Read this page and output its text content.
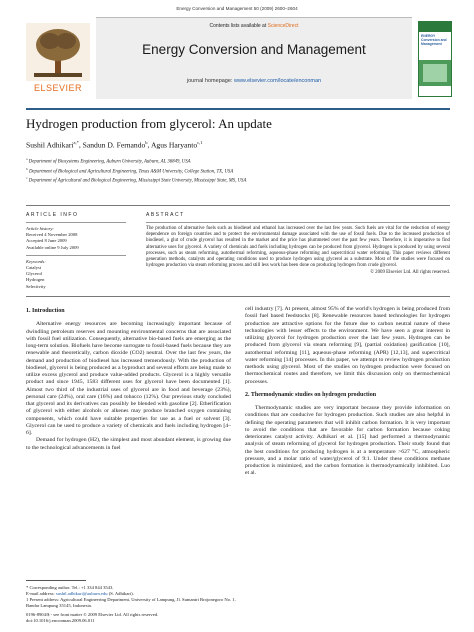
Energy Conversion and Management 50 (2009) 2600–2604
ELSEVIER
Contents lists available at ScienceDirect
Energy Conversion and Management
journal homepage: www.elsevier.com/locate/enconman
ENERGY Conversion and Management
Hydrogen production from glycerol: An update
Sushil Adhikari$^{a,*}$, Sandun D. Fernando$^b$, Agus Haryanto$^{c,1}$
$^a$ Department of Biosystems Engineering, Auburn University, Auburn, AL 36849, USA
$^b$ Department of Biological and Agricultural Engineering, Texas A&M University, College Station, TX, USA
$^c$ Department of Agricultural and Biological Engineering, Mississippi State University, Mississippi State, MS, USA
ARTICLE INFO
Article history:
Received 4 November 2008
Accepted 8 June 2009
Available online 9 July 2009
Keywords:
Catalyst
Glycerol
Hydrogen
Selectivity
ABSTRACT
The production of alternative fuels such as biodiesel and ethanol has increased over the last few years. Such fuels are vital for the reduction of energy dependence on foreign countries and to protect the environmental damage associated with the use of fossil fuels. Due to the increased production of biodiesel, a glut of crude glycerol has resulted in the market and the price has plummeted over the past few years. Therefore, it is imperative to find alternative uses for glycerol. A variety of chemicals and fuels including hydrogen can be produced from glycerol. Hydrogen is produced by using several processes, such as steam reforming, autothermal reforming, aqueous-phase reforming and supercritical water reforming. This paper reviews different generation methods, catalysts and operating conditions used to produce hydrogen using glycerol as a substrate. Most of the studies were focused on hydrogen production via steam reforming process and still less work has been done on producing hydrogen from crude glycerol.
© 2009 Elsevier Ltd. All rights reserved.
1. Introduction

Alternative energy resources are becoming increasingly important because of dwindling petroleum reserves and mounting environmental concerns that are associated with fossil fuel utilization. Consequently, alternative bio-based fuels are emerging as the long-term solution. Biofuels have become surrogate to fossil-based fuels because they are renewable and theoretically, carbon dioxide (CO2) neutral. Over the last few years, the demand and production of biodiesel has increased tremendously. With the production of biodiesel, glycerol is being produced as a byproduct and several efforts are being made to utilize excess glycerol and produce value-added products. Glycerol is a highly versatile product and since 1945, 1583 different uses for glycerol have been documented [1]. Almost two third of the industrial uses of glycerol are in food and beverage (23%), personal care (24%), oral care (16%) and tobacco (12%). Our previous study concluded that glycerol and its derivatives can possibly be blended with gasoline [2]. Etherification of glycerol with either alcohols or alkenes may produce branched oxygen containing components, which could have suitable properties for use as a fuel or solvent [3]. Glycerol can be used to produce a variety of chemicals and fuels including hydrogen [4–6].

Demand for hydrogen (H2), the simplest and most abundant element, is growing due to the technological advancements in fuel

cell industry [7]. At present, almost 95% of the world's hydrogen is being produced from fossil fuel based feedstocks [8]. Renewable resources based technologies for hydrogen production are attractive options for the future due to carbon neutral nature of these technologies with lesser effects to the environment. We have seen a great interest in utilizing glycerol for hydrogen production over the last few years. Hydrogen can be produced from glycerol via steam reforming [9], (partial oxidation) gasification [10], autothermal reforming [11], aqueous-phase reforming (APR) [12,13], and supercritical water reforming [14] processes. In this paper, we attempt to review hydrogen production methods using glycerol. Most of the studies on hydrogen production were focused on thermochemical routes and therefore, we limit this discussion only on thermochemical processes.

2. Thermodynamic studies on hydrogen production

Thermodynamic studies are very important because they provide information on conditions that are conducive for hydrogen production. Such studies are also helpful in defining the operating parameters that will inhibit carbon formation. It is very important to avoid the conditions that are favorable for carbon formation because coking deteriorates catalyst activity. Adhikari et al. [15] had performed a thermodynamic analysis of steam reforming of glycerol for hydrogen production. Their study found that the best conditions for producing hydrogen is at a temperature >627 °C, atmospheric pressure, and a molar ratio of water/glycerol of 9:1. Under these conditions methane production is minimized, and the carbon formation is thermodynamically inhibited. Luo et al.

* Corresponding author. Tel.: +1 334 844 3543.
E-mail address: sushil.adhikari@auburn.edu (S. Adhikari).
1 Present address: Agricultural Engineering Department, University of Lampung, Jl. Sumantri Brojonegoro No. 1, Bandar Lampung 35145, Indonesia.
0196-8904/$ - see front matter © 2009 Elsevier Ltd. All rights reserved.
doi:10.1016/j.enconman.2009.06.011
